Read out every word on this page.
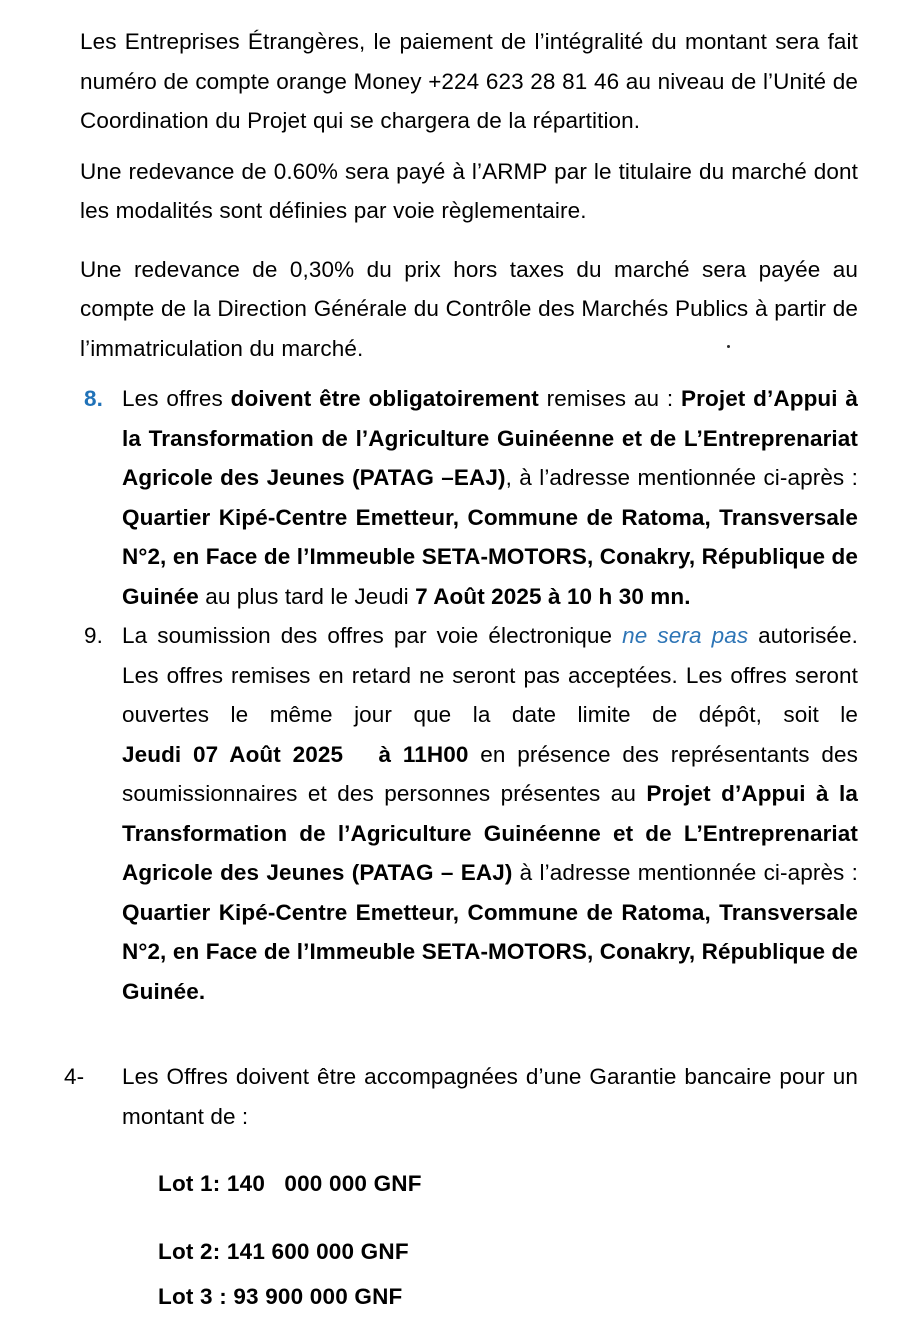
Les Entreprises Étrangères, le paiement de l’intégralité du montant sera fait numéro de compte orange Money +224 623 28 81 46 au niveau de l’Unité de Coordination du Projet qui se chargera de la répartition.

Une redevance de 0.60% sera payé à l’ARMP par le titulaire du marché dont les modalités sont définies par voie règlementaire.

Une redevance de 0,30% du prix hors taxes du marché sera payée au compte de la Direction Générale du Contrôle des Marchés Publics à partir de l’immatriculation du marché.

8. Les offres doivent être obligatoirement remises au : Projet d’Appui à la Transformation de l’Agriculture Guinéenne et de L’Entreprenariat Agricole des Jeunes (PATAG –EAJ), à l’adresse mentionnée ci-après : Quartier Kipé-Centre Emetteur, Commune de Ratoma, Transversale N°2, en Face de l’Immeuble SETA-MOTORS, Conakry, République de Guinée au plus tard le Jeudi 7 Août 2025 à 10 h 30 mn.
9. La soumission des offres par voie électronique ne sera pas autorisée. Les offres remises en retard ne seront pas acceptées. Les offres seront ouvertes le même jour que la date limite de dépôt, soit le Jeudi 07 Août 2025   à 11H00 en présence des représentants des soumissionnaires et des personnes présentes au Projet d’Appui à la Transformation de l’Agriculture Guinéenne et de L’Entreprenariat Agricole des Jeunes (PATAG – EAJ) à l’adresse mentionnée ci-après : Quartier Kipé-Centre Emetteur, Commune de Ratoma, Transversale N°2, en Face de l’Immeuble SETA-MOTORS, Conakry, République de Guinée.
4-	Les Offres doivent être accompagnées d’une Garantie bancaire pour un montant de :

Lot 1: 140   000 000 GNF

Lot 2: 141 600 000 GNF

Lot 3 : 93 900 000 GNF
